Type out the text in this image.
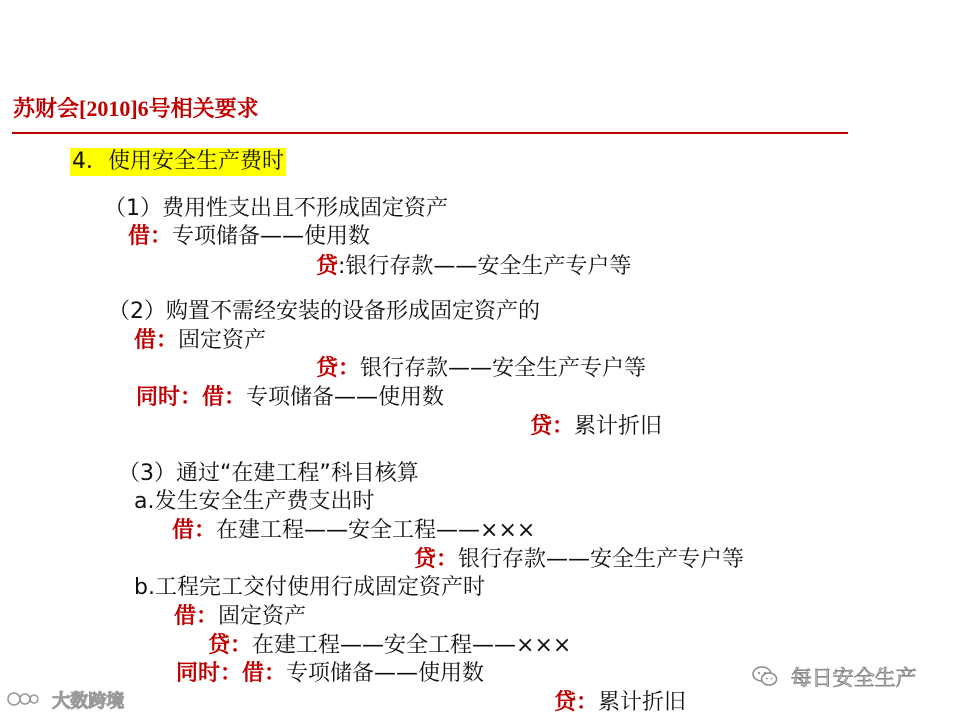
苏财会[2010]6号相关要求
4．使用安全生产费时
（1）费用性支出且不形成固定资产
借：专项储备——使用数
贷:银行存款——安全生产专户等
（2）购置不需经安装的设备形成固定资产的
借：固定资产
贷：银行存款——安全生产专户等
同时：借：专项储备——使用数
贷：累计折旧
（3）通过“在建工程”科目核算
a.发生安全生产费支出时
借：在建工程——安全工程——×××
贷：银行存款——安全生产专户等
b.工程完工交付使用行成固定资产时
借：固定资产
贷：在建工程——安全工程——×××
同时：借：专项储备——使用数
贷：累计折旧
大数跨境
每日安全生产
